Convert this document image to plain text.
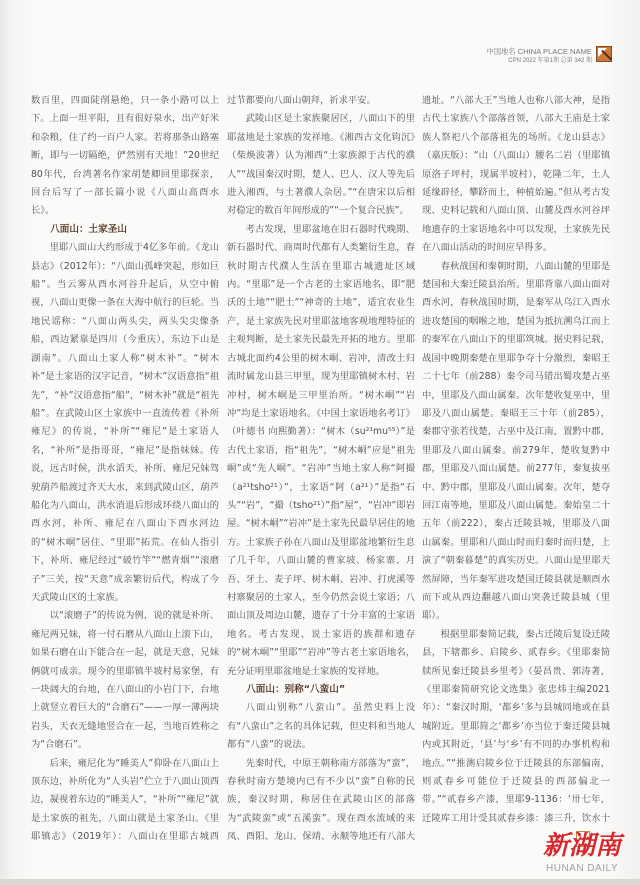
中国地名 CHINA PLACE NAME
CPN 2022 年第1期 总第 342 期

数百里，四面陡削悬绝，只一条小路可以上下。上面一坦平阳，且有很好泉水，出产好米和杂粮，住了约一百户人家。若将那条山路塞断，即与一切隔绝，俨然别有天地！”20世纪80年代，台湾著名作家胡楚卿回里耶探亲，回台后写了一部长篇小说《八面山高酉水长》。

八面山：土家圣山

里耶八面山大约形成于4亿多年前。《龙山县志》（2012年）：“八面山孤峰突起，形如巨船”。当云雾从酉水河谷升起后，从空中俯视，八面山更像一条在大海中航行的巨轮。当地民谣称：“八面山两头尖，两头尖尖像条船，西边紧靠是四川（今重庆），东边下山是湖南”。八面山土家人称“树木补”。“树木补”是土家语的汉字记音，“树木”汉语意指“祖先”，“补”汉语意指“船”，“树木补”就是“祖先船”。在武陵山区土家族中一直流传着《补所雍尼》的传说，“补所”“雍尼”是土家语人名，“补所”是指哥哥，“雍尼”是指妹妹。传说，远古时候，洪水滔天，补所、雍尼兄妹驾驶葫芦船渡过齐天大水，来到武陵山区，葫芦船化为八面山，洪水消退后形成环绕八面山的酉水河，补所、雍尼在八面山下酉水河边的“树木峒”居住、“里耶”拓荒。在仙人指引下，补所、雍尼经过“破竹竿”“燃青烟”“滚磨子”三关，按“天意”成亲繁衍后代，构成了今天武陵山区的土家族。

以“滚磨子”的传说为例，说的就是补所、雍尼两兄妹，将一付石磨从八面山上滚下山，如果石磨在山下能合在一起，就是天意，兄妹俩就可成亲。现今的里耶镇半坡村易家堡，有一块阔大的台地，在八面山的小岩门下，台地上就竖立着巨大的“合磨石”——一厚一薄两块岩头，天衣无缝地竖合在一起，当地百姓称之为“合磨石”。

后来，雍尼化为“睡美人”仰卧在八面山上顶东边，补所化为“人头岩”伫立于八面山顶西边，凝视着东边的“睡美人”，“补所”“雍尼”就是土家族的祖先，八面山就是土家圣山。《里耶镇志》（2019年）：八面山在里耶古城西

过节都要向八面山朝拜，祈求平安。

武陵山区是土家族聚居区，八面山下的里耶盆地是土家族的发祥地。《湘西古文化钩沉》（柴焕波著）认为湘西“土家族源于古代的濮人”“战国秦汉时期，楚人、巴人、汉人等先后进入湘西，与土著濮人杂居。”“在唐宋以后相对稳定的数百年间形成的”“一个复合民族”。

考古发现，里耶盆地在旧石器时代晚期、新石器时代、商周时代都有人类繁衍生息，春秋时期古代濮人生活在里耶古城遗址区域内。“里耶”是一个古老的土家语地名，即“肥沃的土地”“肥土”“神奇的土地”，适宜农业生产，是土家族先民对里耶盆地客观地理特征的主观判断，是土家先民最先开拓的地方。里耶古城北面约4公里的树木峒、岩冲，清改土归流时属龙山县三甲里，现为里耶镇树木村、岩冲村，树木峒是三甲里治所。“树木峒”“岩冲”均是土家语地名。《中国土家语地名考订》（叶德书 向熙勤著）：“树木（su²¹mu⁵⁵）”是古代土家语，指“祖先”，“树木峒”应是“祖先峒”或“先人峒”。“岩冲”当地土家人称“阿撮（a²¹tsho²¹）”，土家语“阿（a²¹）”是指“石头”“岩”，“撮（tsho²¹）”指“屋”，“岩冲”即岩屋。“树木峒”“岩冲”是土家先民最早居住的地方。土家族子孙在八面山及里耶盆地繁衍生息了几千年，八面山麓的曹家坡、杨家寨、月吾、牙土、麦子坪、树木峒、岩冲、打虎溪等村寨聚居的土家人，至今仍然会说土家语；八面山顶及周边山麓，遗存了十分丰富的土家语地名。考古发现、说土家语的族群和遗存的“树木峒”“里耶”“岩冲”等古老土家语地名，充分证明里耶盆地是土家族的发祥地。

八面山：别称“八蛮山”

八面山别称“八蛮山”。虽然史料上没有“八蛮山”之名的具体记载，但史料和当地人都有“八蛮”的说法。

先秦时代，中原王朝称南方部落为“蛮”，春秋时南方楚境内已有不少以“蛮”自称的民族，秦汉时期，称居住在武陵山区的部落为“武陵蛮”或“五溪蛮”。现在酉水流域的来凤、酉阳、龙山、保靖、永顺等地还有八部大

遗址。“八部大王”当地人也称八部大神，是指古代土家族八个部落首领，八部大王庙是土家族人祭祀八个部落祖先的场所。《龙山县志》（嘉庆版）：“山（八面山）腰名二岩（里耶镇原洛子坪村，现属半坡村），乾隆二年，土人延缘辟径，攀跻而上，种植始遍。”但从考古发现、史料记载和八面山顶、山麓及酉水河谷坪地遗存的土家语地名中可以发现，土家族先民在八面山活动的时间应早得多。

春秋战国和秦朝时期，八面山麓的里耶是楚国和大秦迁陵县治所。里耶背靠八面山面对酉水河，春秋战国时期，是秦军从乌江入酉水进攻楚国的咽喉之地，楚国为抵抗溯乌江而上的秦军在八面山下的里耶筑城。据史料记载，战国中晚期秦楚在里耶争夺十分激烈，秦昭王二十七年（前288）秦令司马错出蜀攻楚占巫中，里耶及八面山属秦。次年楚收复巫中，里耶及八面山属楚。秦昭王三十年（前285），秦郡守张若伐楚，占巫中及江南，置黔中郡，里耶及八面山属秦。前279年，楚收复黔中郡，里耶及八面山属楚。前277年，秦复拔巫中、黔中郡，里耶及八面山属秦。次年，楚夺回江南等地，里耶及八面山属楚。秦始皇二十五年（前222），秦占迁陵县城，里耶及八面山属秦。里耶和八面山时而归秦时而归楚，上演了“朝秦暮楚”的真实历史。八面山是里耶天然屏障，当年秦军进攻楚国迁陵县就是顺酉水而下或从西边翻越八面山突袭迁陵县城（里耶）。

根据里耶秦简记载，秦占迁陵后复设迁陵县，下辖都乡、启陵乡、贰春乡。《里耶秦简牍所见秦迁陵县乡里考》（晏昌贵、郭涛著，《里耶秦简研究论文选集》张忠炜主编2021年）：“秦汉时期，‘都乡’多与县城同地或在县城附近。里耶简之‘都乡’亦当位于秦迁陵县城内或其附近，‘县’与‘乡’有不同的办事机构和地点。”“推测启陵乡位于迁陵县的东部偏南，则贰春乡可能位于迁陵县的西部偏北一带。”“贰春乡产漆，里耶9-1136：‘卅七年，迁陵库工用计受其贰春乡漆：漆三升，饮水十

新湖南
HUNAN DAILY
